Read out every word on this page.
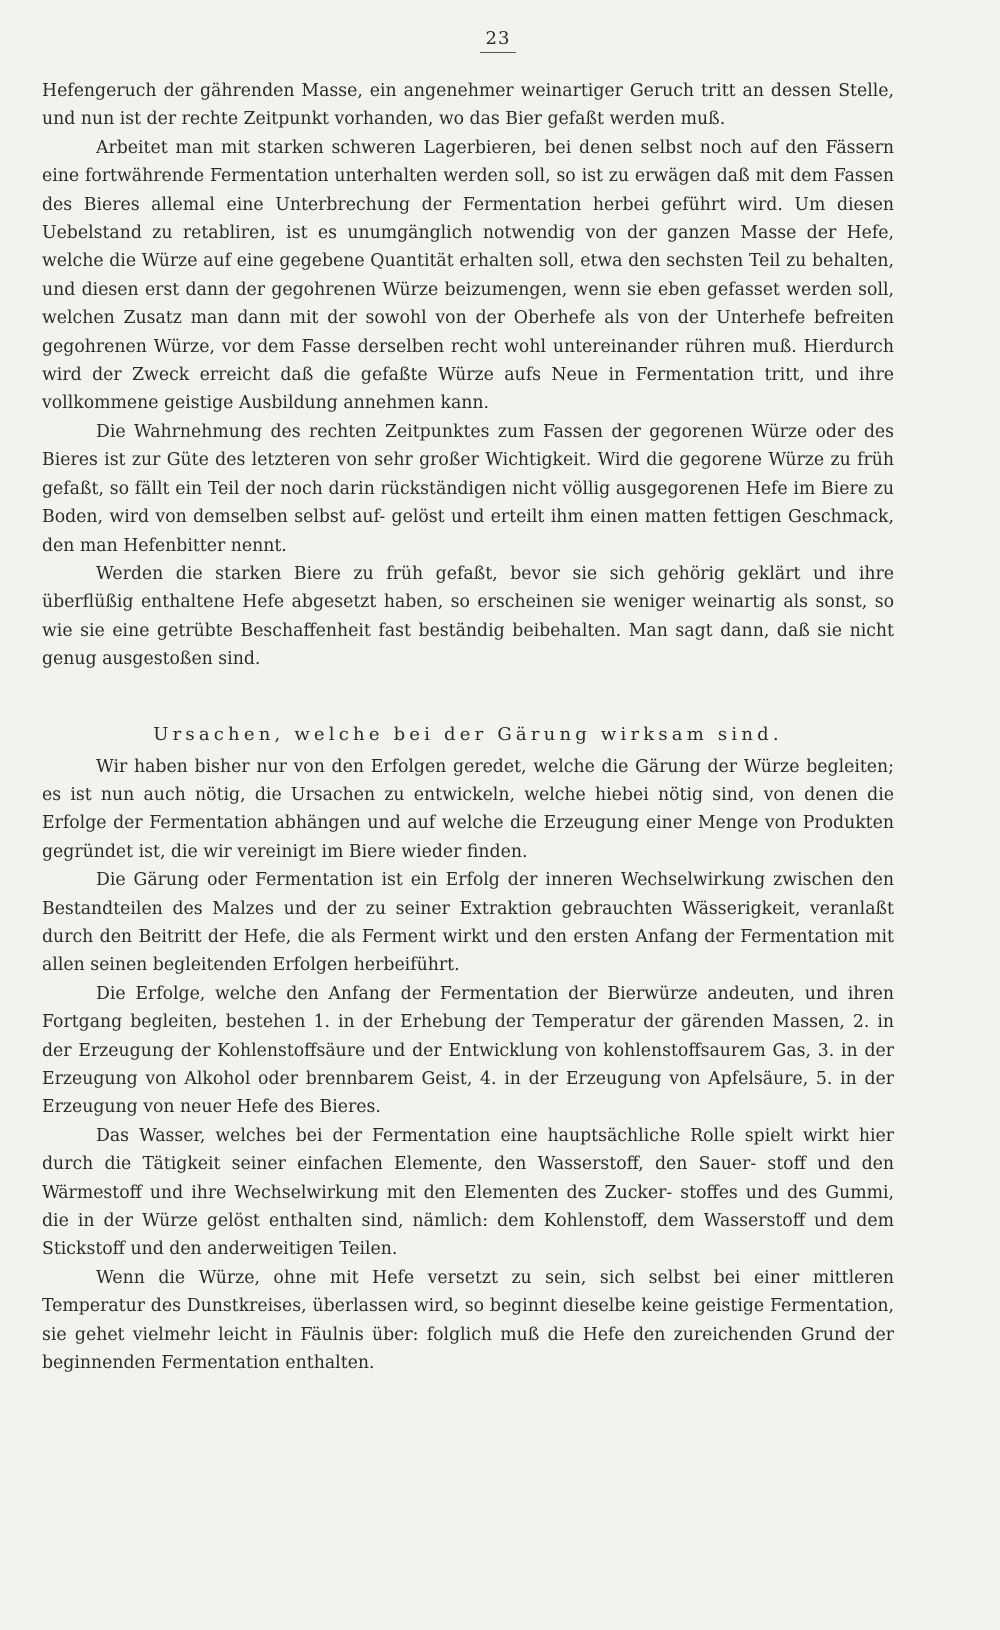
23

Hefengeruch der gährenden Masse, ein angenehmer weinartiger Geruch tritt an dessen Stelle, und nun ist der rechte Zeitpunkt vorhanden, wo das Bier gefaßt werden muß.

Arbeitet man mit starken schweren Lagerbieren, bei denen selbst noch auf den Fässern eine fortwährende Fermentation unterhalten werden soll, so ist zu erwägen daß mit dem Fassen des Bieres allemal eine Unterbrechung der Fermentation herbei geführt wird. Um diesen Uebelstand zu retabliren, ist es unumgänglich notwendig von der ganzen Masse der Hefe, welche die Würze auf eine gegebene Quantität erhalten soll, etwa den sechsten Teil zu behalten, und diesen erst dann der gegohrenen Würze beizumengen, wenn sie eben gefasset werden soll, welchen Zusatz man dann mit der sowohl von der Oberhefe als von der Unterhefe befreiten gegohrenen Würze, vor dem Fasse derselben recht wohl untereinander rühren muß. Hierdurch wird der Zweck erreicht daß die gefaßte Würze aufs Neue in Fermentation tritt, und ihre vollkommene geistige Ausbildung annehmen kann.

Die Wahrnehmung des rechten Zeitpunktes zum Fassen der gegorenen Würze oder des Bieres ist zur Güte des letzteren von sehr großer Wichtigkeit. Wird die gegorene Würze zu früh gefaßt, so fällt ein Teil der noch darin rückständigen nicht völlig ausgegorenen Hefe im Biere zu Boden, wird von demselben selbst auf- gelöst und erteilt ihm einen matten fettigen Geschmack, den man Hefenbitter nennt.

Werden die starken Biere zu früh gefaßt, bevor sie sich gehörig geklärt und ihre überflüßig enthaltene Hefe abgesetzt haben, so erscheinen sie weniger weinartig als sonst, so wie sie eine getrübte Beschaffenheit fast beständig beibehalten. Man sagt dann, daß sie nicht genug ausgestoßen sind.

Ursachen, welche bei der Gärung wirksam sind.

Wir haben bisher nur von den Erfolgen geredet, welche die Gärung der Würze begleiten; es ist nun auch nötig, die Ursachen zu entwickeln, welche hiebei nötig sind, von denen die Erfolge der Fermentation abhängen und auf welche die Erzeugung einer Menge von Produkten gegründet ist, die wir vereinigt im Biere wieder finden.

Die Gärung oder Fermentation ist ein Erfolg der inneren Wechselwirkung zwischen den Bestandteilen des Malzes und der zu seiner Extraktion gebrauchten Wässerigkeit, veranlaßt durch den Beitritt der Hefe, die als Ferment wirkt und den ersten Anfang der Fermentation mit allen seinen begleitenden Erfolgen herbeiführt.

Die Erfolge, welche den Anfang der Fermentation der Bierwürze andeuten, und ihren Fortgang begleiten, bestehen 1. in der Erhebung der Temperatur der gärenden Massen, 2. in der Erzeugung der Kohlenstoffsäure und der Entwicklung von kohlenstoffsaurem Gas, 3. in der Erzeugung von Alkohol oder brennbarem Geist, 4. in der Erzeugung von Apfelsäure, 5. in der Erzeugung von neuer Hefe des Bieres.

Das Wasser, welches bei der Fermentation eine hauptsächliche Rolle spielt wirkt hier durch die Tätigkeit seiner einfachen Elemente, den Wasserstoff, den Sauer- stoff und den Wärmestoff und ihre Wechselwirkung mit den Elementen des Zucker- stoffes und des Gummi, die in der Würze gelöst enthalten sind, nämlich: dem Kohlenstoff, dem Wasserstoff und dem Stickstoff und den anderweitigen Teilen.

Wenn die Würze, ohne mit Hefe versetzt zu sein, sich selbst bei einer mittleren Temperatur des Dunstkreises, überlassen wird, so beginnt dieselbe keine geistige Fermentation, sie gehet vielmehr leicht in Fäulnis über: folglich muß die Hefe den zureichenden Grund der beginnenden Fermentation enthalten.
